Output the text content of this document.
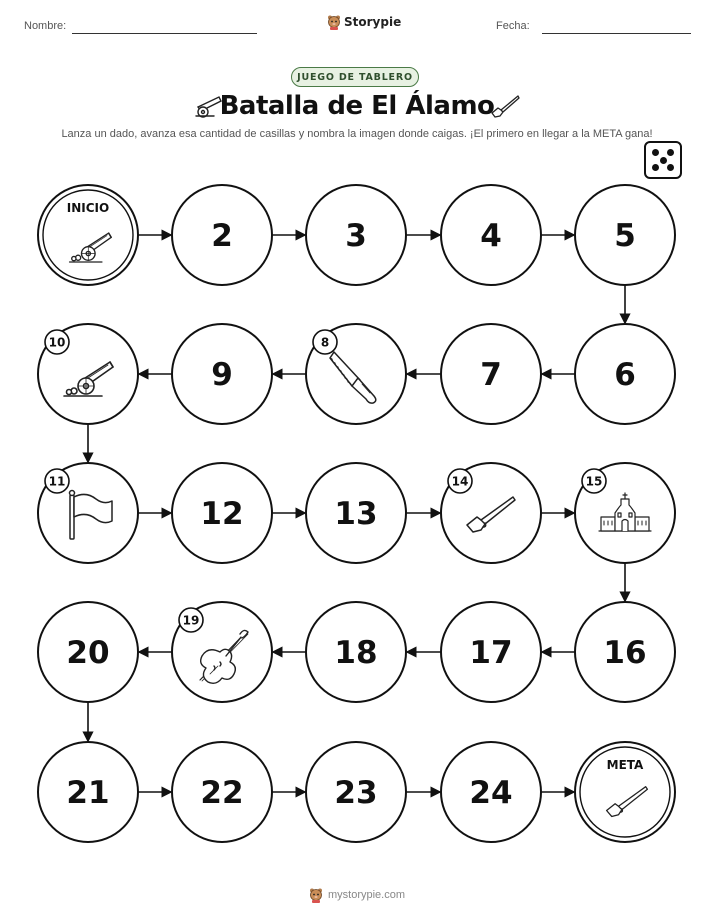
Nombre:	Storypie	Fecha:
JUEGO DE TABLERO
Batalla de El Álamo
Lanza un dado, avanza esa cantidad de casillas y nombra la imagen donde caigas. ¡El primero en llegar a la META gana!
INICIO
2	3	4	5
6
7
8
9
10
11
12	13
14	15
16
17
18
19
20
21	22	23	24
META
mystorypie.com
